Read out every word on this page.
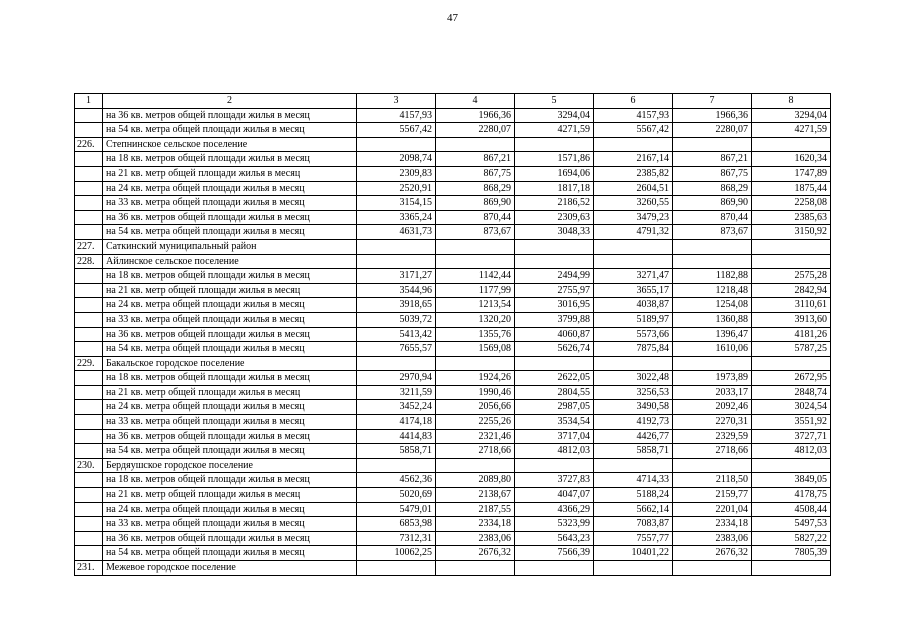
47
1	2	3	4	5	6	7	8
	на 36 кв. метров общей площади жилья в месяц	4157,93	1966,36	3294,04	4157,93	1966,36	3294,04
	на 54 кв. метра общей площади жилья в месяц	5567,42	2280,07	4271,59	5567,42	2280,07	4271,59
226.	Степнинское сельское поселение						
	на 18 кв. метров общей площади жилья в месяц	2098,74	867,21	1571,86	2167,14	867,21	1620,34
	на 21 кв. метр общей площади жилья в месяц	2309,83	867,75	1694,06	2385,82	867,75	1747,89
	на 24 кв. метра общей площади жилья в месяц	2520,91	868,29	1817,18	2604,51	868,29	1875,44
	на 33 кв. метра общей площади жилья в месяц	3154,15	869,90	2186,52	3260,55	869,90	2258,08
	на 36 кв. метров общей площади жилья в месяц	3365,24	870,44	2309,63	3479,23	870,44	2385,63
	на 54 кв. метра общей площади жилья в месяц	4631,73	873,67	3048,33	4791,32	873,67	3150,92
227.	Саткинский муниципальный район						
228.	Айлинское сельское поселение						
	на 18 кв. метров общей площади жилья в месяц	3171,27	1142,44	2494,99	3271,47	1182,88	2575,28
	на 21 кв. метр общей площади жилья в месяц	3544,96	1177,99	2755,97	3655,17	1218,48	2842,94
	на 24 кв. метра общей площади жилья в месяц	3918,65	1213,54	3016,95	4038,87	1254,08	3110,61
	на 33 кв. метра общей площади жилья в месяц	5039,72	1320,20	3799,88	5189,97	1360,88	3913,60
	на 36 кв. метров общей площади жилья в месяц	5413,42	1355,76	4060,87	5573,66	1396,47	4181,26
	на 54 кв. метра общей площади жилья в месяц	7655,57	1569,08	5626,74	7875,84	1610,06	5787,25
229.	Бакальское городское поселение						
	на 18 кв. метров общей площади жилья в месяц	2970,94	1924,26	2622,05	3022,48	1973,89	2672,95
	на 21 кв. метр общей площади жилья в месяц	3211,59	1990,46	2804,55	3256,53	2033,17	2848,74
	на 24 кв. метра общей площади жилья в месяц	3452,24	2056,66	2987,05	3490,58	2092,46	3024,54
	на 33 кв. метра общей площади жилья в месяц	4174,18	2255,26	3534,54	4192,73	2270,31	3551,92
	на 36 кв. метров общей площади жилья в месяц	4414,83	2321,46	3717,04	4426,77	2329,59	3727,71
	на 54 кв. метра общей площади жилья в месяц	5858,71	2718,66	4812,03	5858,71	2718,66	4812,03
230.	Бердяушское городское поселение						
	на 18 кв. метров общей площади жилья в месяц	4562,36	2089,80	3727,83	4714,33	2118,50	3849,05
	на 21 кв. метр общей площади жилья в месяц	5020,69	2138,67	4047,07	5188,24	2159,77	4178,75
	на 24 кв. метра общей площади жилья в месяц	5479,01	2187,55	4366,29	5662,14	2201,04	4508,44
	на 33 кв. метра общей площади жилья в месяц	6853,98	2334,18	5323,99	7083,87	2334,18	5497,53
	на 36 кв. метров общей площади жилья в месяц	7312,31	2383,06	5643,23	7557,77	2383,06	5827,22
	на 54 кв. метра общей площади жилья в месяц	10062,25	2676,32	7566,39	10401,22	2676,32	7805,39
231.	Межевое городское поселение						
